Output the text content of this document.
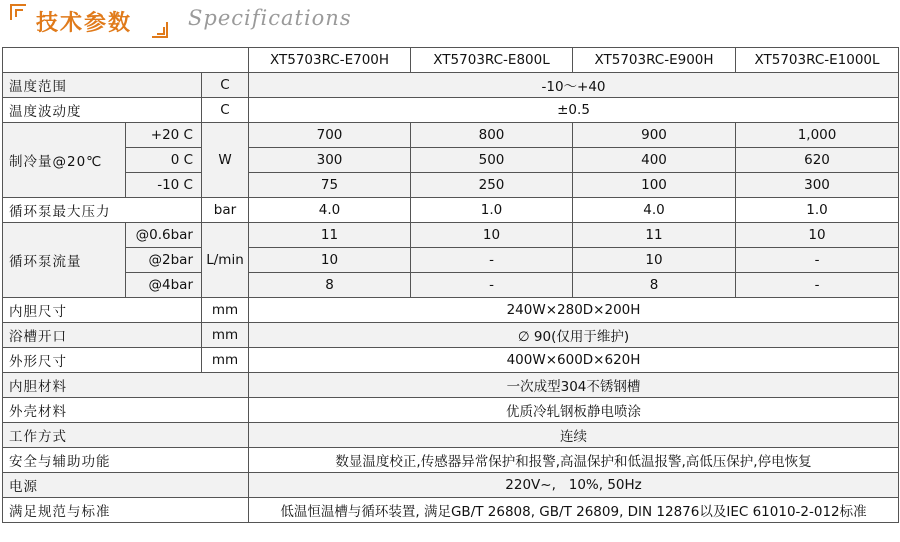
技术参数	Specifications
			XT5703RC-E700H	XT5703RC-E800L	XT5703RC-E900H	XT5703RC-E1000L
温度范围		C	-10～+40			
温度波动度		C	±0.5			
制冷量@20℃	+20 C	W	700	800	900	1,000
	0 C		300	500	400	620
	-10 C		75	250	100	300
循环泵最大压力		bar	4.0	1.0	4.0	1.0
循环泵流量	@0.6bar	L/min	11	10	11	10
	@2bar		10	-	10	-
	@4bar		8	-	8	-
内胆尺寸		mm	240W×280D×200H			
浴槽开口		mm	∅ 90(仅用于维护)			
外形尺寸		mm	400W×600D×620H			
内胆材料			一次成型304不锈钢槽			
外壳材料			优质冷轧钢板静电喷涂			
工作方式			连续			
安全与辅助功能			数显温度校正,传感器异常保护和报警,高温保护和低温报警,高低压保护,停电恢复			
电源			220V~,   10%, 50Hz			
满足规范与标准			低温恒温槽与循环装置, 满足GB/T 26808, GB/T 26809, DIN 12876以及IEC 61010-2-012标准			
